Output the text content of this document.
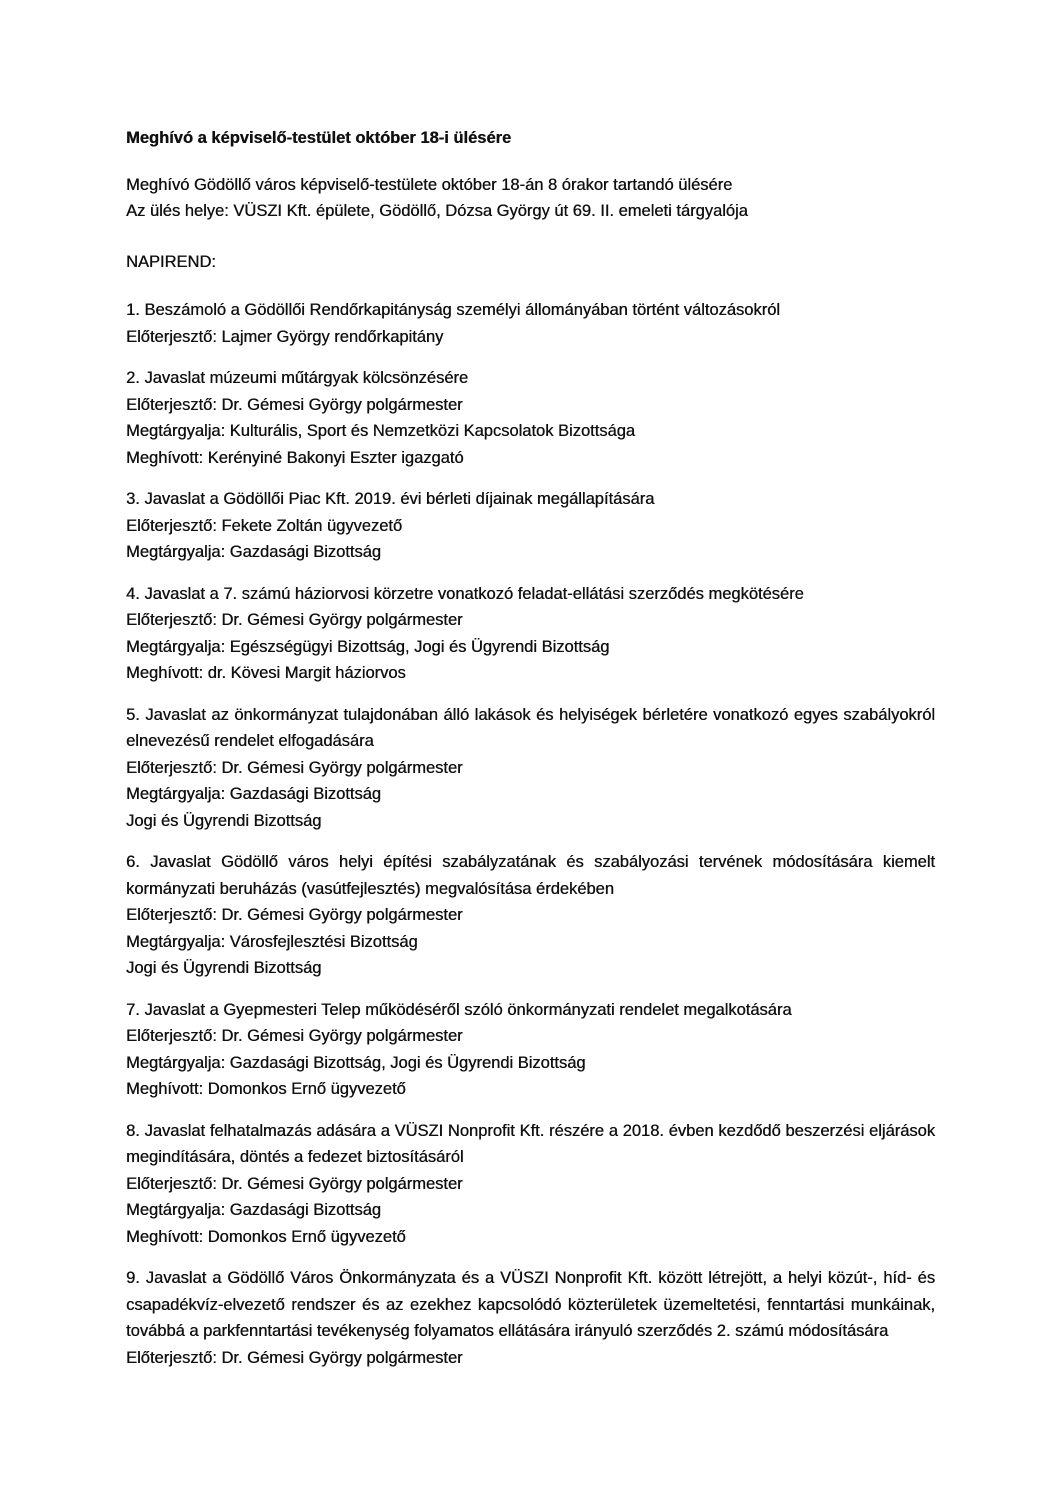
Meghívó a képviselő-testület október 18-i ülésére

Meghívó Gödöllő város képviselő-testülete október 18-án 8 órakor tartandó ülésére

Az ülés helye: VÜSZI Kft. épülete, Gödöllő, Dózsa György út 69. II. emeleti tárgyalója

NAPIREND:

1. Beszámoló a Gödöllői Rendőrkapitányság személyi állományában történt változásokról

Előterjesztő: Lajmer György rendőrkapitány

2. Javaslat múzeumi műtárgyak kölcsönzésére

Előterjesztő: Dr. Gémesi György polgármester

Megtárgyalja: Kulturális, Sport és Nemzetközi Kapcsolatok Bizottsága

Meghívott: Kerényiné Bakonyi Eszter igazgató

3. Javaslat a Gödöllői Piac Kft. 2019. évi bérleti díjainak megállapítására

Előterjesztő: Fekete Zoltán ügyvezető

Megtárgyalja: Gazdasági Bizottság

4. Javaslat a 7. számú háziorvosi körzetre vonatkozó feladat-ellátási szerződés megkötésére

Előterjesztő: Dr. Gémesi György polgármester

Megtárgyalja: Egészségügyi Bizottság, Jogi és Ügyrendi Bizottság

Meghívott: dr. Kövesi Margit háziorvos

5. Javaslat az önkormányzat tulajdonában álló lakások és helyiségek bérletére vonatkozó egyes szabályokról elnevezésű rendelet elfogadására

Előterjesztő: Dr. Gémesi György polgármester

Megtárgyalja: Gazdasági Bizottság

Jogi és Ügyrendi Bizottság

6. Javaslat Gödöllő város helyi építési szabályzatának és szabályozási tervének módosítására kiemelt kormányzati beruházás (vasútfejlesztés) megvalósítása érdekében

Előterjesztő: Dr. Gémesi György polgármester

Megtárgyalja: Városfejlesztési Bizottság

Jogi és Ügyrendi Bizottság

7. Javaslat a Gyepmesteri Telep működéséről szóló önkormányzati rendelet megalkotására

Előterjesztő: Dr. Gémesi György polgármester

Megtárgyalja: Gazdasági Bizottság, Jogi és Ügyrendi Bizottság

Meghívott: Domonkos Ernő ügyvezető

8. Javaslat felhatalmazás adására a VÜSZI Nonprofit Kft. részére a 2018. évben kezdődő beszerzési eljárások megindítására, döntés a fedezet biztosításáról

Előterjesztő: Dr. Gémesi György polgármester

Megtárgyalja: Gazdasági Bizottság

Meghívott: Domonkos Ernő ügyvezető

9. Javaslat a Gödöllő Város Önkormányzata és a VÜSZI Nonprofit Kft. között létrejött, a helyi közút-, híd- és csapadékvíz-elvezető rendszer és az ezekhez kapcsolódó közterületek üzemeltetési, fenntartási munkáinak, továbbá a parkfenntartási tevékenység folyamatos ellátására irányuló szerződés 2. számú módosítására

Előterjesztő: Dr. Gémesi György polgármester
